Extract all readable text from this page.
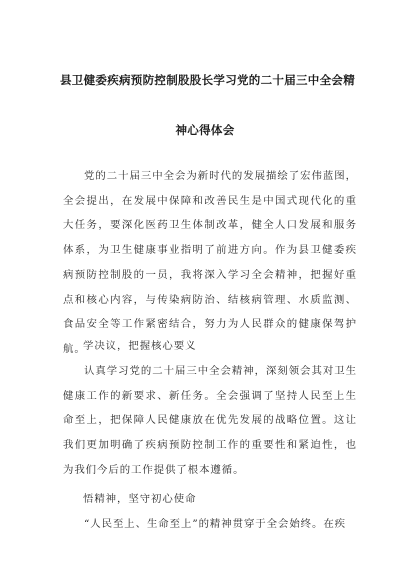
县卫健委疾病预防控制股股长学习党的二十届三中全会精
神心得体会
党的二十届三中全会为新时代的发展描绘了宏伟蓝图，全会提出，在发展中保障和改善民生是中国式现代化的重大任务，要深化医药卫生体制改革，健全人口发展和服务体系，为卫生健康事业指明了前进方向。作为县卫健委疾病预防控制股的一员，我将深入学习全会精神，把握好重点和核心内容，与传染病防治、结核病管理、水质监测、食品安全等工作紧密结合，努力为人民群众的健康保驾护航。
学决议，把握核心要义
认真学习党的二十届三中全会精神，深刻领会其对卫生健康工作的新要求、新任务。全会强调了坚持人民至上生命至上，把保障人民健康放在优先发展的战略位置。这让我们更加明确了疾病预防控制工作的重要性和紧迫性，也为我们今后的工作提供了根本遵循。
悟精神，坚守初心使命
“人民至上、生命至上”的精神贯穿于全会始终。在疾
